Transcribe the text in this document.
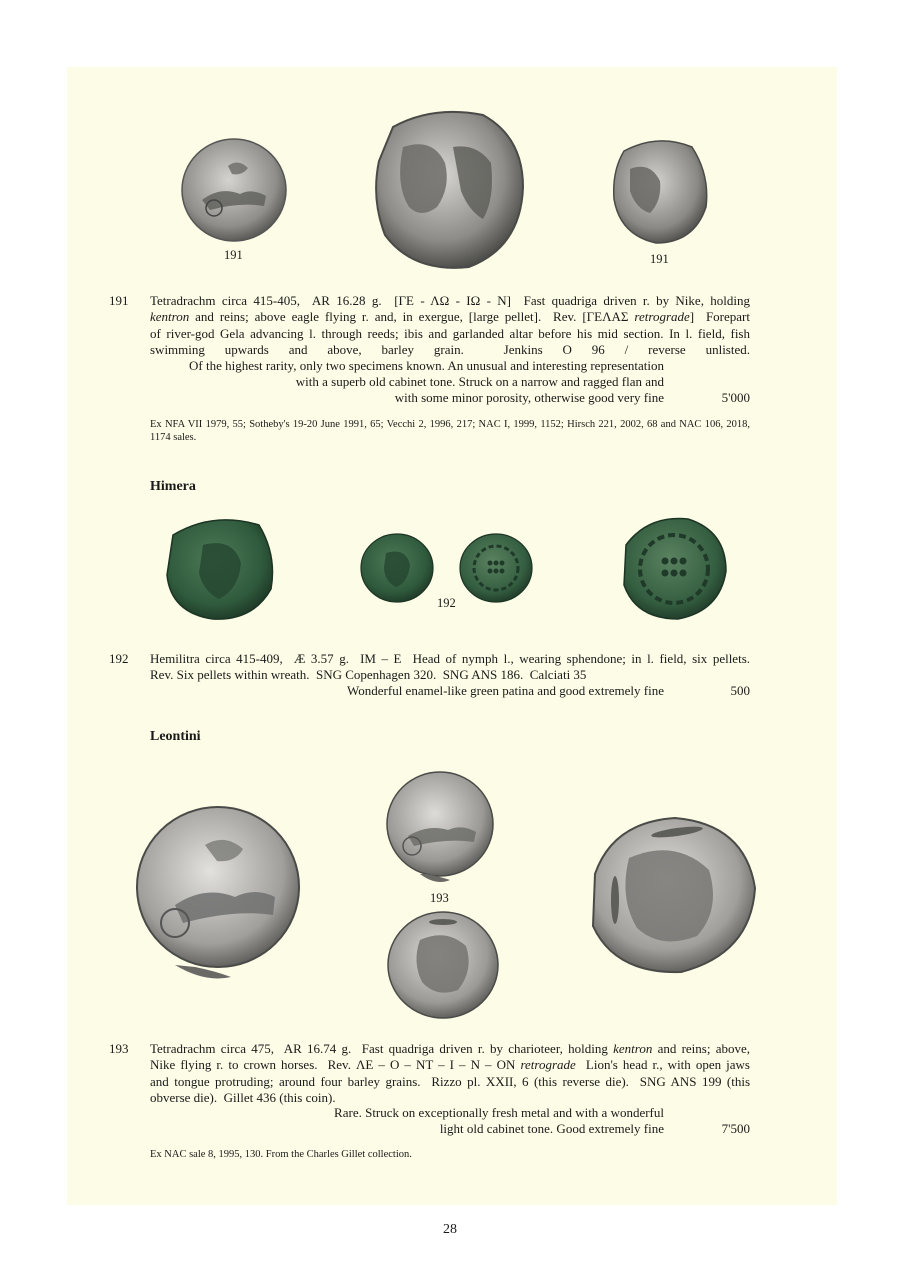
191	191
191 Tetradrachm circa 415-405,  AR 16.28 g.  [ΓΕ - ΛΩ - ΙΩ - Ν]  Fast quadriga driven r. by Nike, holding
kentron and reins; above eagle flying r. and, in exergue, [large pellet].  Rev. [ΓΕΛΑΣ retrograde]  Forepart
of river-god Gela advancing l. through reeds; ibis and garlanded altar before his mid section. In l. field, fish
swimming upwards and above, barley grain.  Jenkins O 96 / reverse unlisted.
Of the highest rarity, only two specimens known. An unusual and interesting representation
with a superb old cabinet tone. Struck on a narrow and ragged flan and
with some minor porosity, otherwise good very fine	5'000
Ex NFA VII 1979, 55; Sotheby's 19-20 June 1991, 65; Vecchi 2, 1996, 217; NAC I, 1999, 1152; Hirsch 221, 2002, 68 and NAC 106, 2018, 1174 sales.
Himera
192
192 Hemilitra circa 415-409,  Æ 3.57 g.  IM – E  Head of nymph l., wearing sphendone; in l. field, six pellets.
Rev. Six pellets within wreath.  SNG Copenhagen 320.  SNG ANS 186.  Calciati 35
Wonderful enamel-like green patina and good extremely fine	500
Leontini
193
193 Tetradrachm circa 475,  AR 16.74 g.  Fast quadriga driven r. by charioteer, holding kentron and reins; above,
Nike flying r. to crown horses.  Rev. ΛΕ – Ο – ΝΤ – Ι – Ν – ΟΝ retrograde  Lion's head r., with open jaws
and tongue protruding; around four barley grains.  Rizzo pl. XXII, 6 (this reverse die).  SNG ANS 199 (this
obverse die).  Gillet 436 (this coin).
Rare. Struck on exceptionally fresh metal and with a wonderful
light old cabinet tone. Good extremely fine	7'500
Ex NAC sale 8, 1995, 130. From the Charles Gillet collection.
28
